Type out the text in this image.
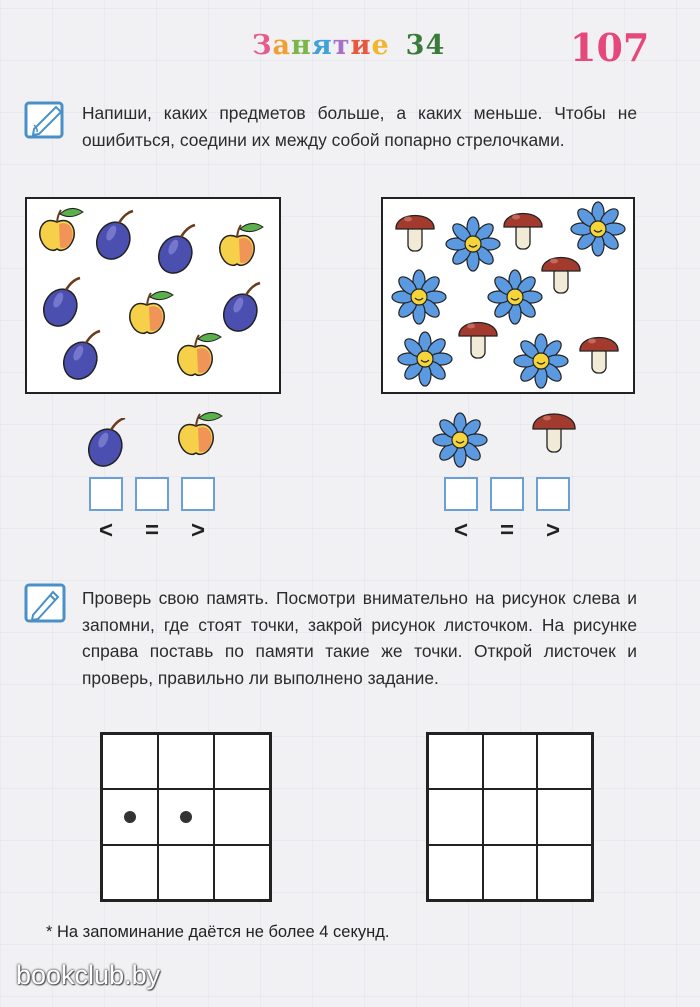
Занятие 34	107
Напиши, каких предметов больше, а каких меньше. Чтобы не ошибиться, соедини их между собой попарно стрелочками.
<	=	>	<	=	>
Проверь свою память. Посмотри внимательно на рисунок слева и запомни, где стоят точки, закрой рисунок листочком. На рисунке справа поставь по памяти такие же точки. Открой листочек и проверь, правильно ли выполнено задание.
* На запоминание даётся не более 4 секунд.
bookclub.by
